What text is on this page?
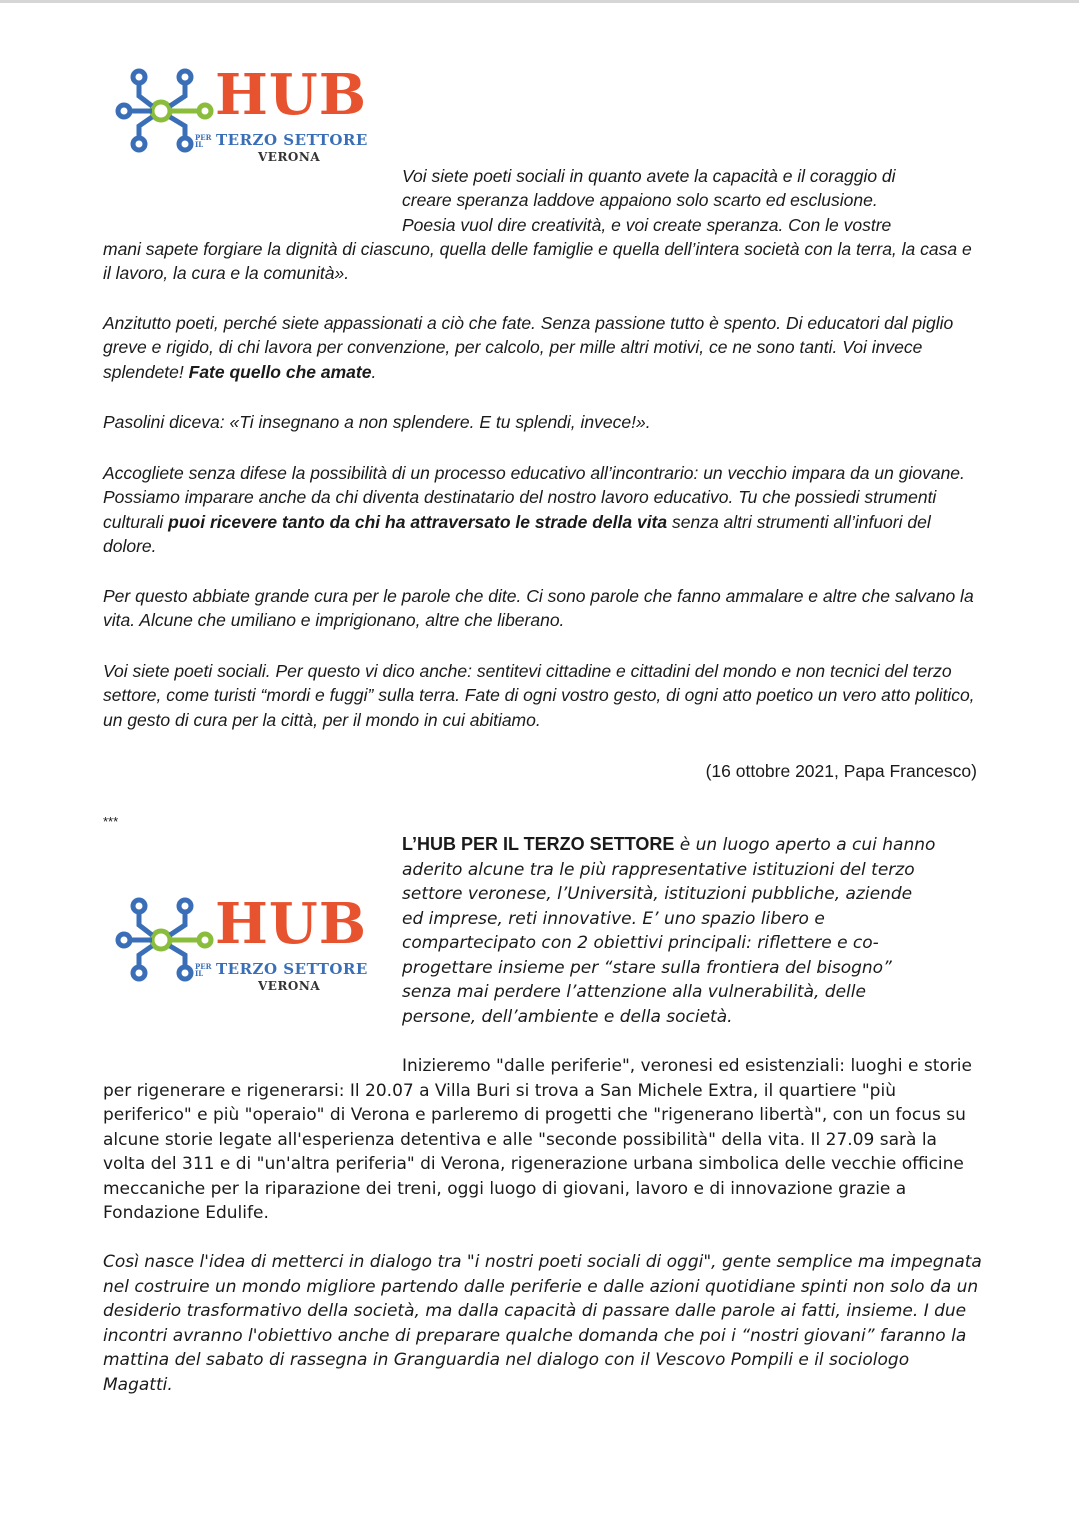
HUB
PER IL TERZO SETTORE
VERONA

Voi siete poeti sociali in quanto avete la capacità e il coraggio di

creare speranza laddove appaiono solo scarto ed esclusione.

Poesia vuol dire creatività, e voi create speranza. Con le vostre

mani sapete forgiare la dignità di ciascuno, quella delle famiglie e quella dell’intera società con la terra, la casa e il lavoro, la cura e la comunità».

Anzitutto poeti, perché siete appassionati a ciò che fate. Senza passione tutto è spento. Di educatori dal piglio greve e rigido, di chi lavora per convenzione, per calcolo, per mille altri motivi, ce ne sono tanti. Voi invece splendete! Fate quello che amate.

Pasolini diceva: «Ti insegnano a non splendere. E tu splendi, invece!».

Accogliete senza difese la possibilità di un processo educativo all’incontrario: un vecchio impara da un giovane. Possiamo imparare anche da chi diventa destinatario del nostro lavoro educativo. Tu che possiedi strumenti culturali puoi ricevere tanto da chi ha attraversato le strade della vita senza altri strumenti all’infuori del dolore.

Per questo abbiate grande cura per le parole che dite. Ci sono parole che fanno ammalare e altre che salvano la vita. Alcune che umiliano e imprigionano, altre che liberano.

Voi siete poeti sociali. Per questo vi dico anche: sentitevi cittadine e cittadini del mondo e non tecnici del terzo settore, come turisti “mordi e fuggi” sulla terra. Fate di ogni vostro gesto, di ogni atto poetico un vero atto politico, un gesto di cura per la città, per il mondo in cui abitiamo.

(16 ottobre 2021, Papa Francesco)

***

HUB
PER IL TERZO SETTORE
VERONA

L’HUB PER IL TERZO SETTORE è un luogo aperto a cui hanno

aderito alcune tra le più rappresentative istituzioni del terzo

settore veronese, l’Università, istituzioni pubbliche, aziende

ed imprese, reti innovative. E’ uno spazio libero e

compartecipato con 2 obiettivi principali: riflettere e co-

progettare insieme per “stare sulla frontiera del bisogno”

senza mai perdere l’attenzione alla vulnerabilità, delle

persone, dell’ambiente e della società.

Inizieremo "dalle periferie", veronesi ed esistenziali: luoghi e storie per rigenerare e rigenerarsi: Il 20.07 a Villa Buri si trova a San Michele Extra, il quartiere "più periferico" e più "operaio" di Verona e parleremo di progetti che "rigenerano libertà", con un focus su alcune storie legate all'esperienza detentiva e alle "seconde possibilità" della vita. Il 27.09 sarà la volta del 311 e di "un'altra periferia" di Verona, rigenerazione urbana simbolica delle vecchie officine meccaniche per la riparazione dei treni, oggi luogo di giovani, lavoro e di innovazione grazie a Fondazione Edulife.

Così nasce l'idea di metterci in dialogo tra "i nostri poeti sociali di oggi", gente semplice ma impegnata nel costruire un mondo migliore partendo dalle periferie e dalle azioni quotidiane spinti non solo da un desiderio trasformativo della società, ma dalla capacità di passare dalle parole ai fatti, insieme. I due incontri avranno l'obiettivo anche di preparare qualche domanda che poi i “nostri giovani” faranno la mattina del sabato di rassegna in Granguardia nel dialogo con il Vescovo Pompili e il sociologo Magatti.
